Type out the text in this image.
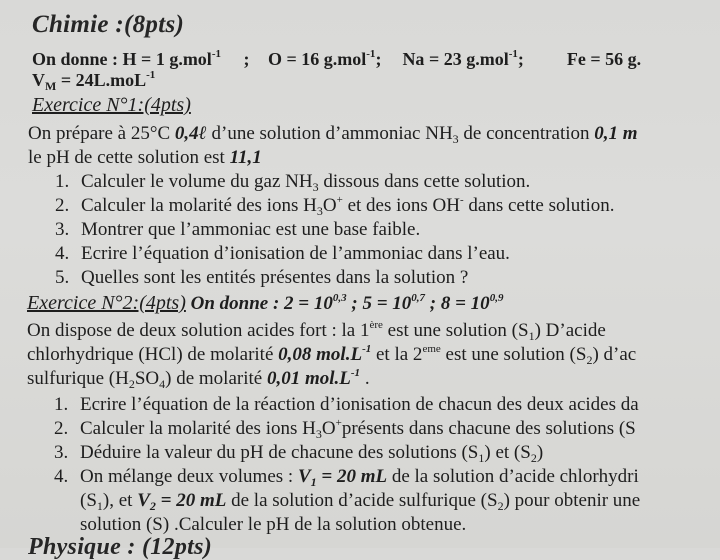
Chimie :(8pts)
On donne : H = 1 g.mol$^{-1}$ ; O = 16 g.mol$^{-1}$; Na = 23 g.mol$^{-1}$; Fe = 56 g.
$V_M = 24L.moL^{-1}$
Exercice N°1:(4pts)
On prépare à 25°C 0,4ℓ d’une solution d’ammoniac $NH_3$ de concentration 0,1 m
le pH de cette solution est 11,1
1. Calculer le volume du gaz $NH_3$ dissous dans cette solution.
2. Calculer la molarité des ions $H_3O^+$ et des ions OH- dans cette solution.
3. Montrer que l’ammoniac est une base faible.
4. Ecrire l’équation d’ionisation de l’ammoniac dans l’eau.
5. Quelles sont les entités présentes dans la solution ?
Exercice N°2:(4pts) On donne : $2 = 10^{0,3}$ ; $5 = 10^{0,7}$ ; $8 = 10^{0,9}$
On dispose de deux solution acides fort : la 1ère est une solution $(S_1)$ D’acide
chlorhydrique (HCl) de molarité 0,08 $mol.L^{-1}$ et la 2eme est une solution $(S_2)$ d’ac
sulfurique $(H_2SO_4)$ de molarité 0,01 $mol.L^{-1}$ .
1. Ecrire l’équation de la réaction d’ionisation de chacun des deux acides da
2. Calculer la molarité des ions $H_3O^+présents$ dans chacune des solutions (S
3. Déduire la valeur du pH de chacune des solutions $(S_1)$ et $(S_2)$
4. On mélange deux volumes : $V_1 = 20$ mL de la solution d’acide chlorhydri
$(S_1)$, et $V_2 = 20$ mL de la solution d’acide sulfurique $(S_2)$ pour obtenir une
solution (S) .Calculer le pH de la solution obtenue.
Physique : (12pts)
